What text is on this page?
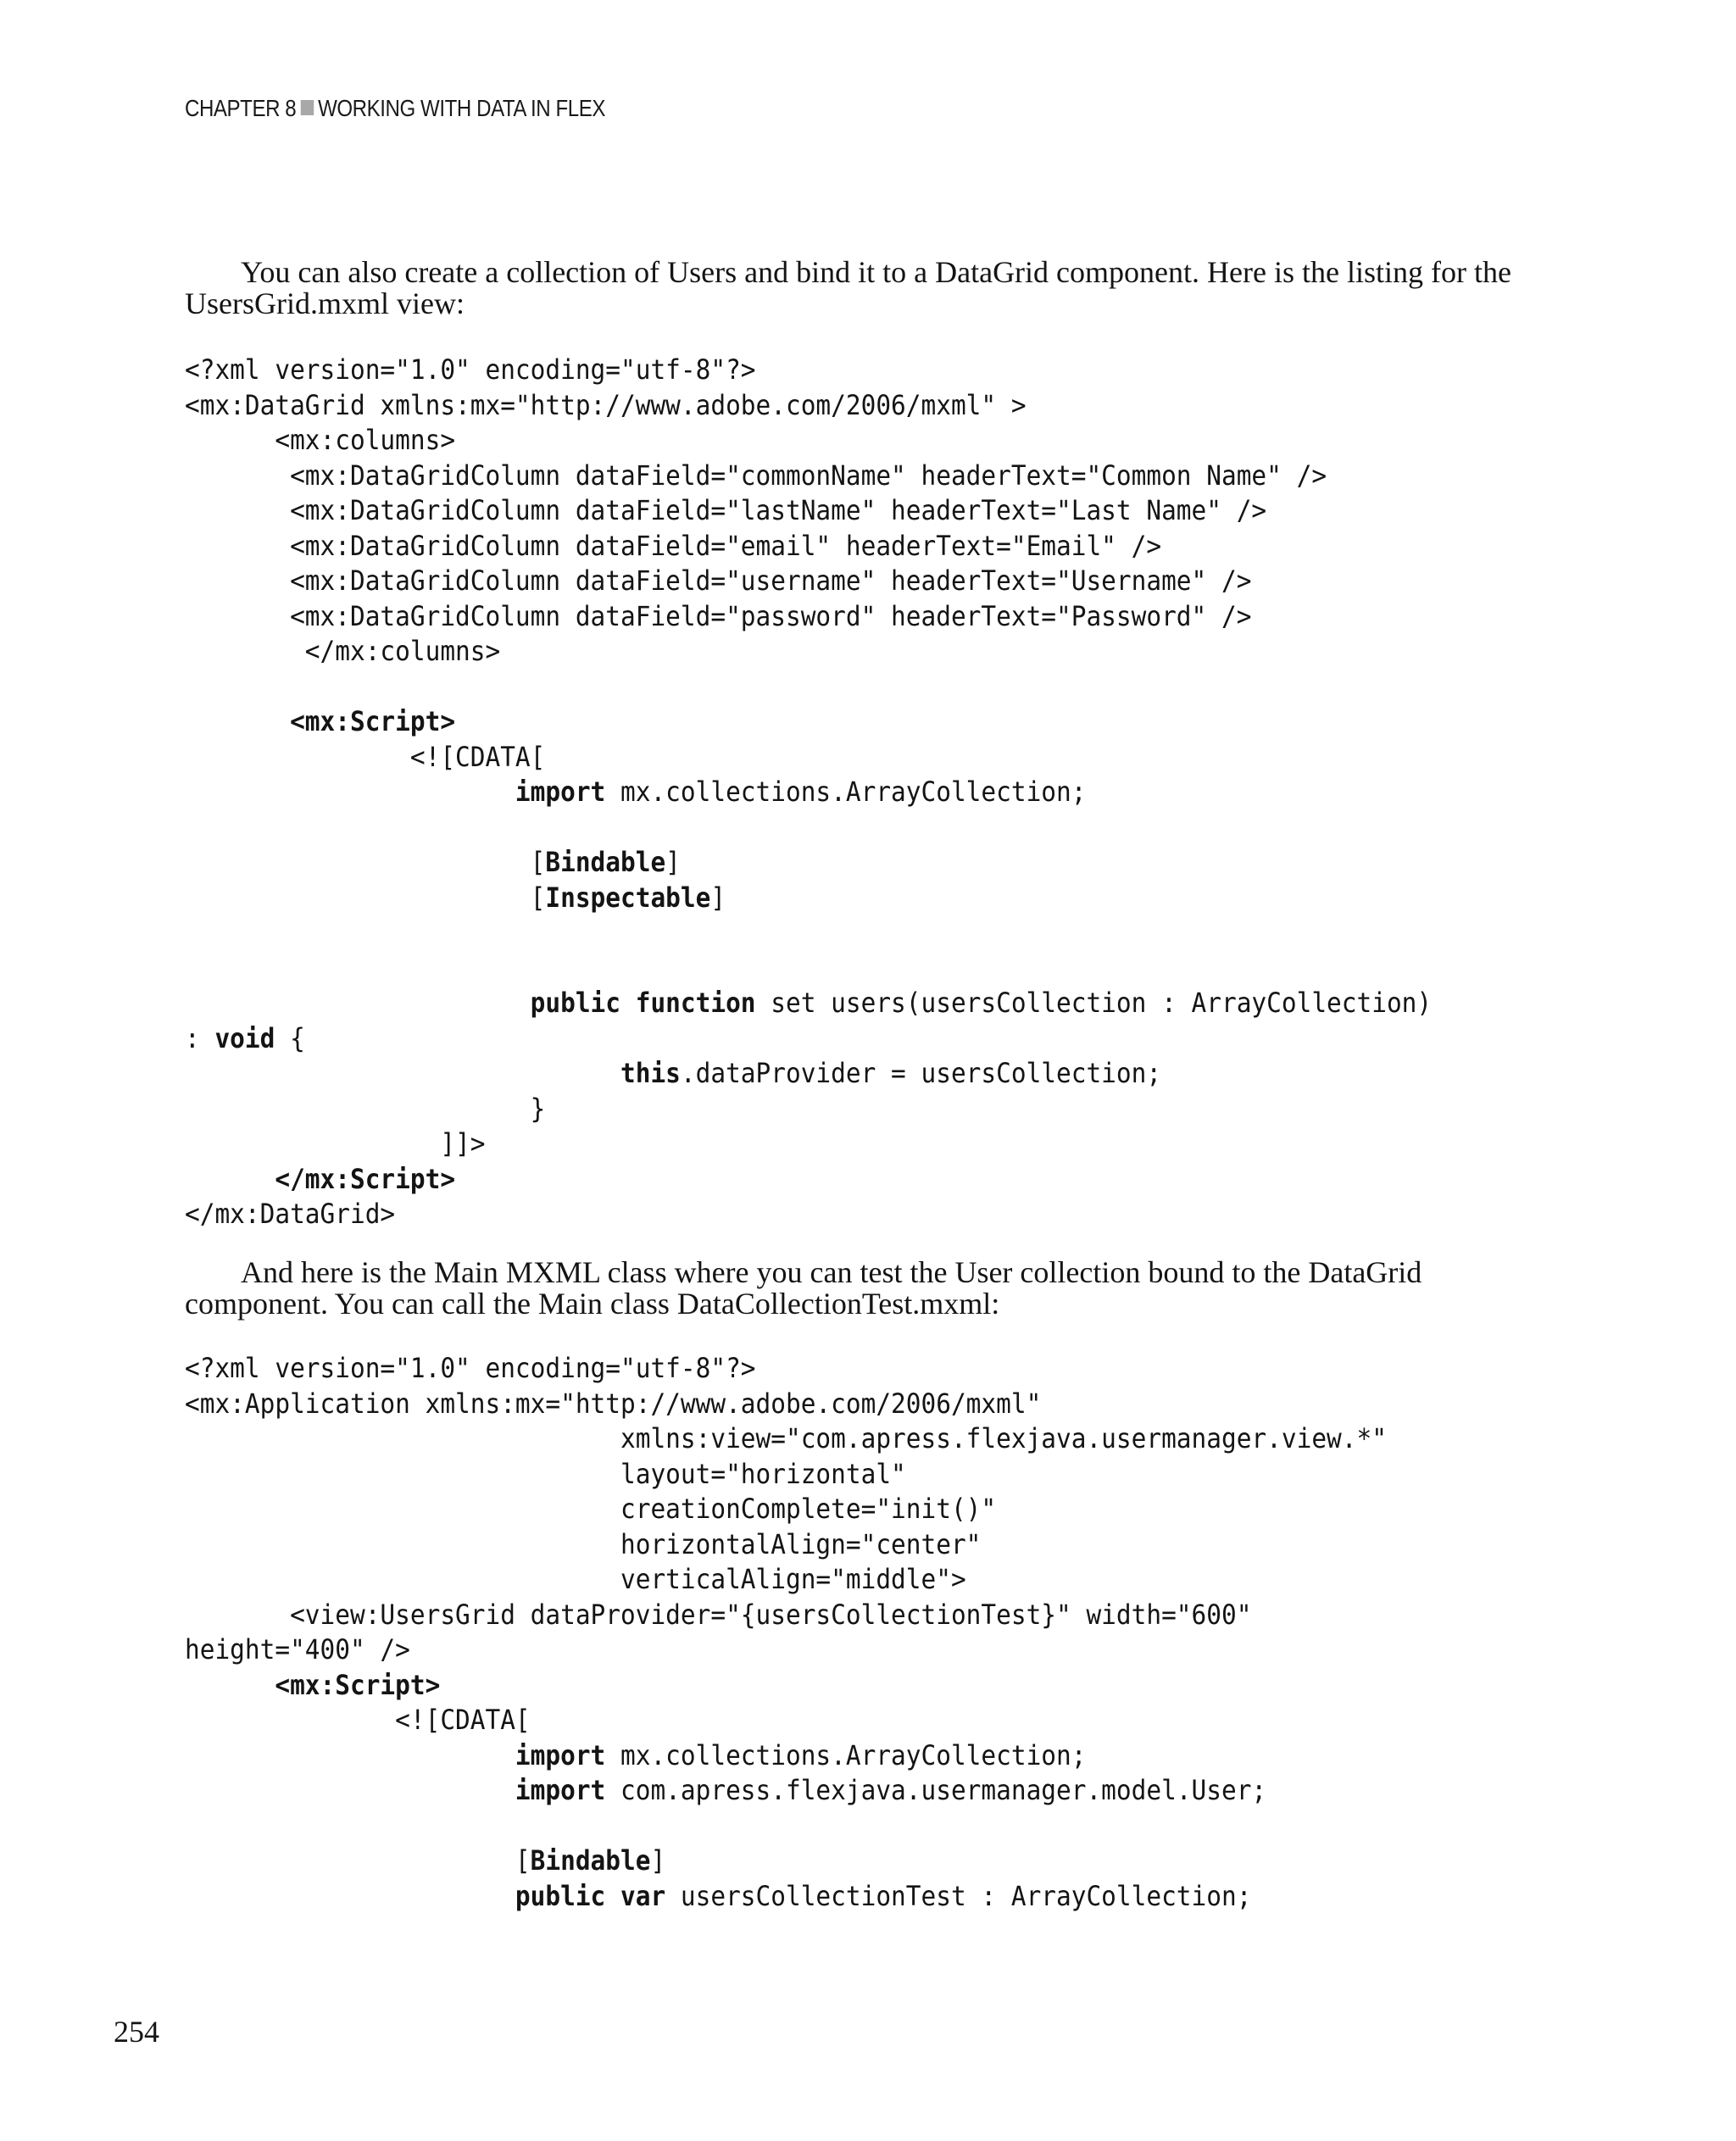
CHAPTER 8 WORKING WITH DATA IN FLEX

You can also create a collection of Users and bind it to a DataGrid component. Here is the listing for the UsersGrid.mxml view:

<?xml version="1.0" encoding="utf-8"?>
<mx:DataGrid xmlns:mx="http://www.adobe.com/2006/mxml" >
<mx:columns>
<mx:DataGridColumn dataField="commonName" headerText="Common Name" />
<mx:DataGridColumn dataField="lastName" headerText="Last Name" />
<mx:DataGridColumn dataField="email" headerText="Email" />
<mx:DataGridColumn dataField="username" headerText="Username" />
<mx:DataGridColumn dataField="password" headerText="Password" />
</mx:columns>
<mx:Script>
<![CDATA[
import mx.collections.ArrayCollection;
[Bindable]
[Inspectable]
public function set users(usersCollection : ArrayCollection)
: void {
this.dataProvider = usersCollection;
}
]]>
</mx:Script>
</mx:DataGrid>

And here is the Main MXML class where you can test the User collection bound to the DataGrid component. You can call the Main class DataCollectionTest.mxml:

<?xml version="1.0" encoding="utf-8"?>
<mx:Application xmlns:mx="http://www.adobe.com/2006/mxml"
xmlns:view="com.apress.flexjava.usermanager.view.*"
layout="horizontal"
creationComplete="init()"
horizontalAlign="center"
verticalAlign="middle">
<view:UsersGrid dataProvider="{usersCollectionTest}" width="600"
height="400" />
<mx:Script>
<![CDATA[
import mx.collections.ArrayCollection;
import com.apress.flexjava.usermanager.model.User;
[Bindable]
public var usersCollectionTest : ArrayCollection;
254
